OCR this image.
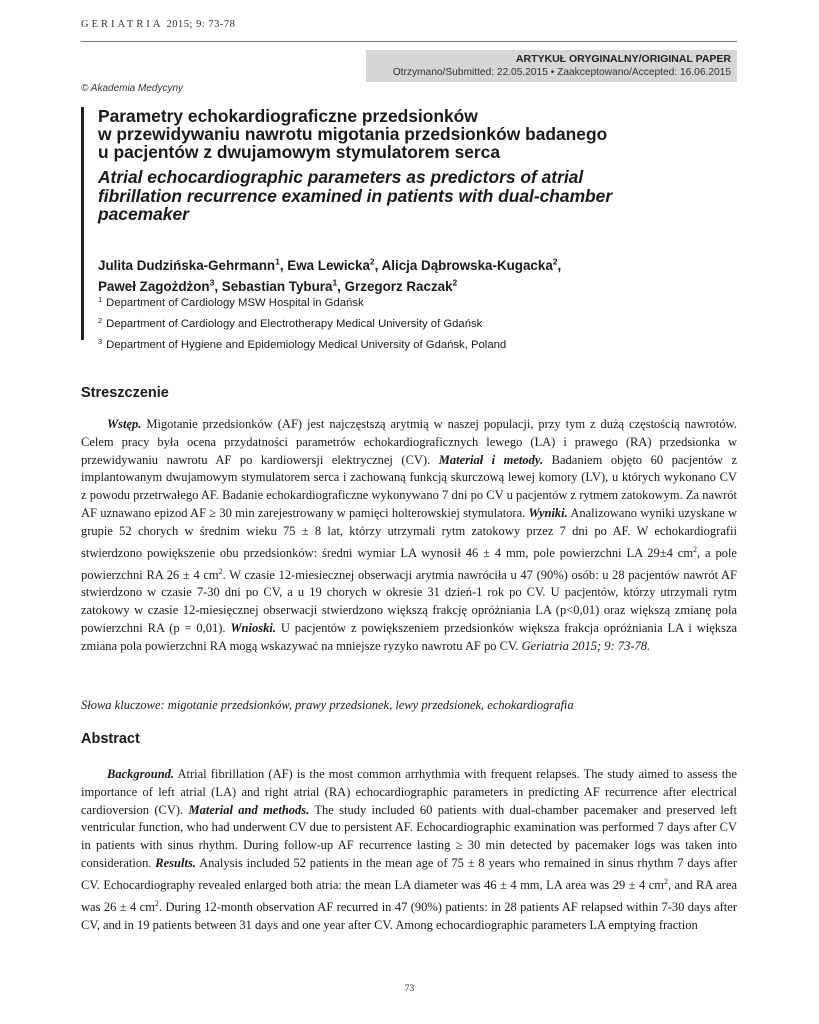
GERIATRIA 2015; 9: 73-78
ARTYKUŁ ORYGINALNY/ORIGINAL PAPER
Otrzymano/Submitted: 22.05.2015 • Zaakceptowano/Accepted: 16.06.2015
© Akademia Medycyny
Parametry echokardiograficzne przedsionków
w przewidywaniu nawrotu migotania przedsionków badanego
u pacjentów z dwujamowym stymulatorem serca
Atrial echocardiographic parameters as predictors of atrial
fibrillation recurrence examined in patients with dual-chamber
pacemaker
Julita Dudzińska-Gehrmann$^1$, Ewa Lewicka$^2$, Alicja Dąbrowska-Kugacka$^2$,
Paweł Zagożdżon$^3$, Sebastian Tybura$^1$, Grzegorz Raczak$^2$
$^1$ Department of Cardiology MSW Hospital in Gdańsk
$^2$ Department of Cardiology and Electrotherapy Medical University of Gdańsk
$^3$ Department of Hygiene and Epidemiology Medical University of Gdańsk, Poland
Streszczenie

Wstęp. Migotanie przedsionków (AF) jest najczęstszą arytmią w naszej populacji, przy tym z dużą częstością nawrotów. Celem pracy była ocena przydatności parametrów echokardiograficznych lewego (LA) i prawego (RA) przedsionka w przewidywaniu nawrotu AF po kardiowersji elektrycznej (CV). Materiał i metody. Badaniem objęto 60 pacjentów z implantowanym dwujamowym stymulatorem serca i zachowaną funkcją skurczową lewej komory (LV), u których wykonano CV z powodu przetrwałego AF. Badanie echokardiograficzne wykonywano 7 dni po CV u pacjentów z rytmem zatokowym. Za nawrót AF uznawano epizod AF ≥ 30 min zarejestrowany w pamięci holterowskiej stymulatora. Wyniki. Analizowano wyniki uzyskane w grupie 52 chorych w średnim wieku 75 ± 8 lat, którzy utrzymali rytm zatokowy przez 7 dni po AF. W echokardiografii stwierdzono powiększenie obu przedsionków: średni wymiar LA wynosił 46 ± 4 mm, pole powierzchni LA 29±4 $cm^2$, a pole powierzchni RA 26 ± 4 $cm^2$. W czasie 12-miesiecznej obserwacji arytmia nawróciła u 47 (90%) osób: u 28 pacjentów nawrót AF stwierdzono w czasie 7-30 dni po CV, a u 19 chorych w okresie 31 dzień-1 rok po CV. U pacjentów, którzy utrzymali rytm zatokowy w czasie 12-miesięcznej obserwacji stwierdzono większą frakcję opróżniania LA (p<0,01) oraz większą zmianę pola powierzchni RA (p = 0,01). Wnioski. U pacjentów z powiększeniem przedsionków większa frakcja opróżniania LA i większa zmiana pola powierzchni RA mogą wskazywać na mniejsze ryzyko nawrotu AF po CV. Geriatria 2015; 9: 73-78.

Słowa kluczowe: migotanie przedsionków, prawy przedsionek, lewy przedsionek, echokardiografia

Abstract

Background. Atrial fibrillation (AF) is the most common arrhythmia with frequent relapses. The study aimed to assess the importance of left atrial (LA) and right atrial (RA) echocardiographic parameters in predicting AF recurrence after electrical cardioversion (CV). Material and methods. The study included 60 patients with dual-chamber pacemaker and preserved left ventricular function, who had underwent CV due to persistent AF. Echocardiographic examination was performed 7 days after CV in patients with sinus rhythm. During follow-up AF recurrence lasting ≥ 30 min detected by pacemaker logs was taken into consideration. Results. Analysis included 52 patients in the mean age of 75 ± 8 years who remained in sinus rhythm 7 days after CV. Echocardiography revealed enlarged both atria: the mean LA diameter was 46 ± 4 mm, LA area was 29 ± 4 $cm^2$, and RA area was 26 ± 4 $cm^2$. During 12-month observation AF recurred in 47 (90%) patients: in 28 patients AF relapsed within 7-30 days after CV, and in 19 patients between 31 days and one year after CV. Among echocardiographic parameters LA emptying fraction

73
